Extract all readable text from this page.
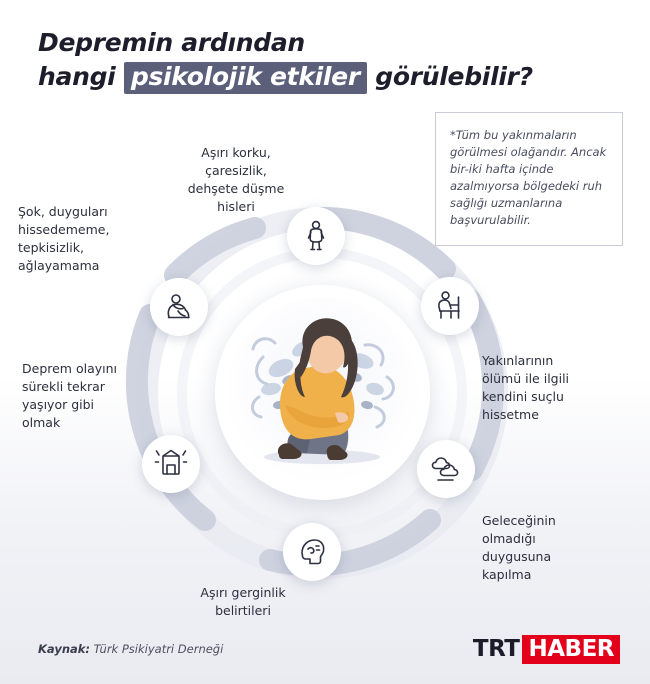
Depremin ardından
hangi psikolojik etkiler görülebilir?

*Tüm bu yakınmaların görülmesi olağandır. Ancak bir-iki hafta içinde azalmıyorsa bölgedeki ruh sağlığı uzmanlarına başvurulabilir.

Aşırı korku,
çaresizlik,
dehşete düşme
hisleri
Şok, duyguları
hissedememe,
tepkisizlik,
ağlayamama
Deprem olayını
sürekli tekrar
yaşıyor gibi
olmak
Aşırı gerginlik
belirtileri
Geleceğinin
olmadığı
duygusuna
kapılma
Yakınlarının
ölümü ile ilgili
kendini suçlu
hissetme
Kaynak: Türk Psikiyatri Derneği	TRT HABER
